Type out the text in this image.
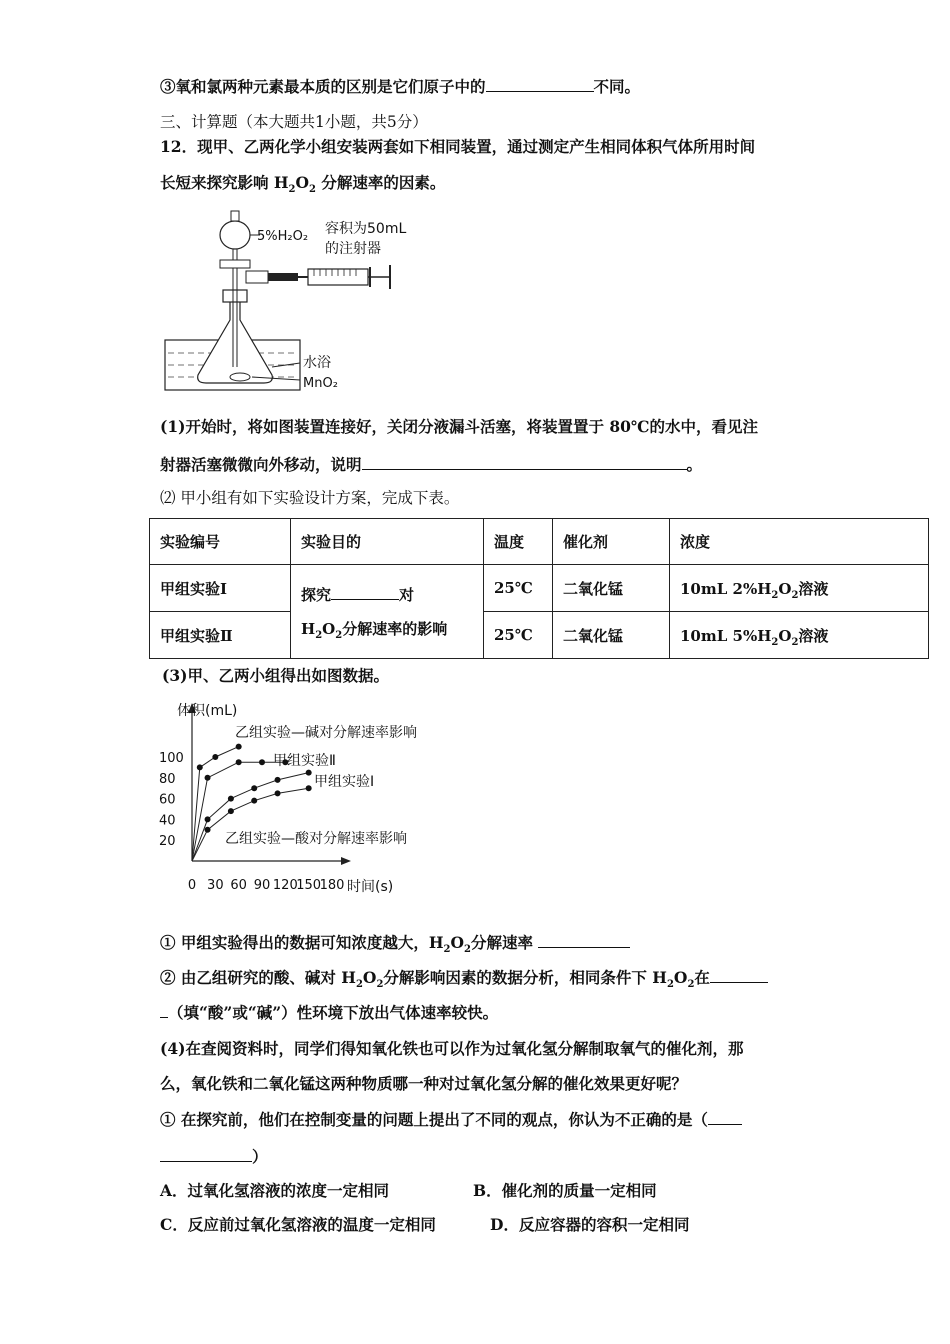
③氧和氯两种元素最本质的区别是它们原子中的	不同。
三、计算题（本大题共1小题，共5分）
12．现甲、乙两化学小组安装两套如下相同装置，通过测定产生相同体积气体所用时间
长短来探究影响 $H_2O_2$ 分解速率的因素。
5%H₂O₂ 容积为50mL
的注射器
水浴
MnO₂
(1)开始时，将如图装置连接好，关闭分液漏斗活塞，将装置置于 80℃的水中，看见注
射器活塞微微向外移动，说明	。
⑵ 甲小组有如下实验设计方案，完成下表。
实验编号	实验目的	温度	催化剂	浓度
甲组实验Ⅰ	探究 对
$H_2O_2$分解速率的影响	25℃	二氧化锰	10mL $2\%H_2O_2$溶液
甲组实验Ⅱ		25℃	二氧化锰	10mL $5\%H_2O_2$溶液
(3)甲、乙两小组得出如图数据。
体积(mL)
时间(s)
20
40
60
80
100
0 30 60 90 120
150
180
乙组实验—碱对分解速率影响
甲组实验Ⅱ
甲组实验Ⅰ
乙组实验—酸对分解速率影响
① 甲组实验得出的数据可知浓度越大，$H_2O_2$分解速率
② 由乙组研究的酸、碱对 $H_2O_2$分解影响因素的数据分析，相同条件下 $H_2O_2$在
（填“酸”或“碱”）性环境下放出气体速率较快。
(4)在查阅资料时，同学们得知氧化铁也可以作为过氧化氢分解制取氧气的催化剂，那
么，氧化铁和二氧化锰这两种物质哪一种对过氧化氢分解的催化效果更好呢？
① 在探究前，他们在控制变量的问题上提出了不同的观点，你认为不正确的是（
）
A．过氧化氢溶液的浓度一定相同	B．催化剂的质量一定相同
C．反应前过氧化氢溶液的温度一定相同	D．反应容器的容积一定相同
